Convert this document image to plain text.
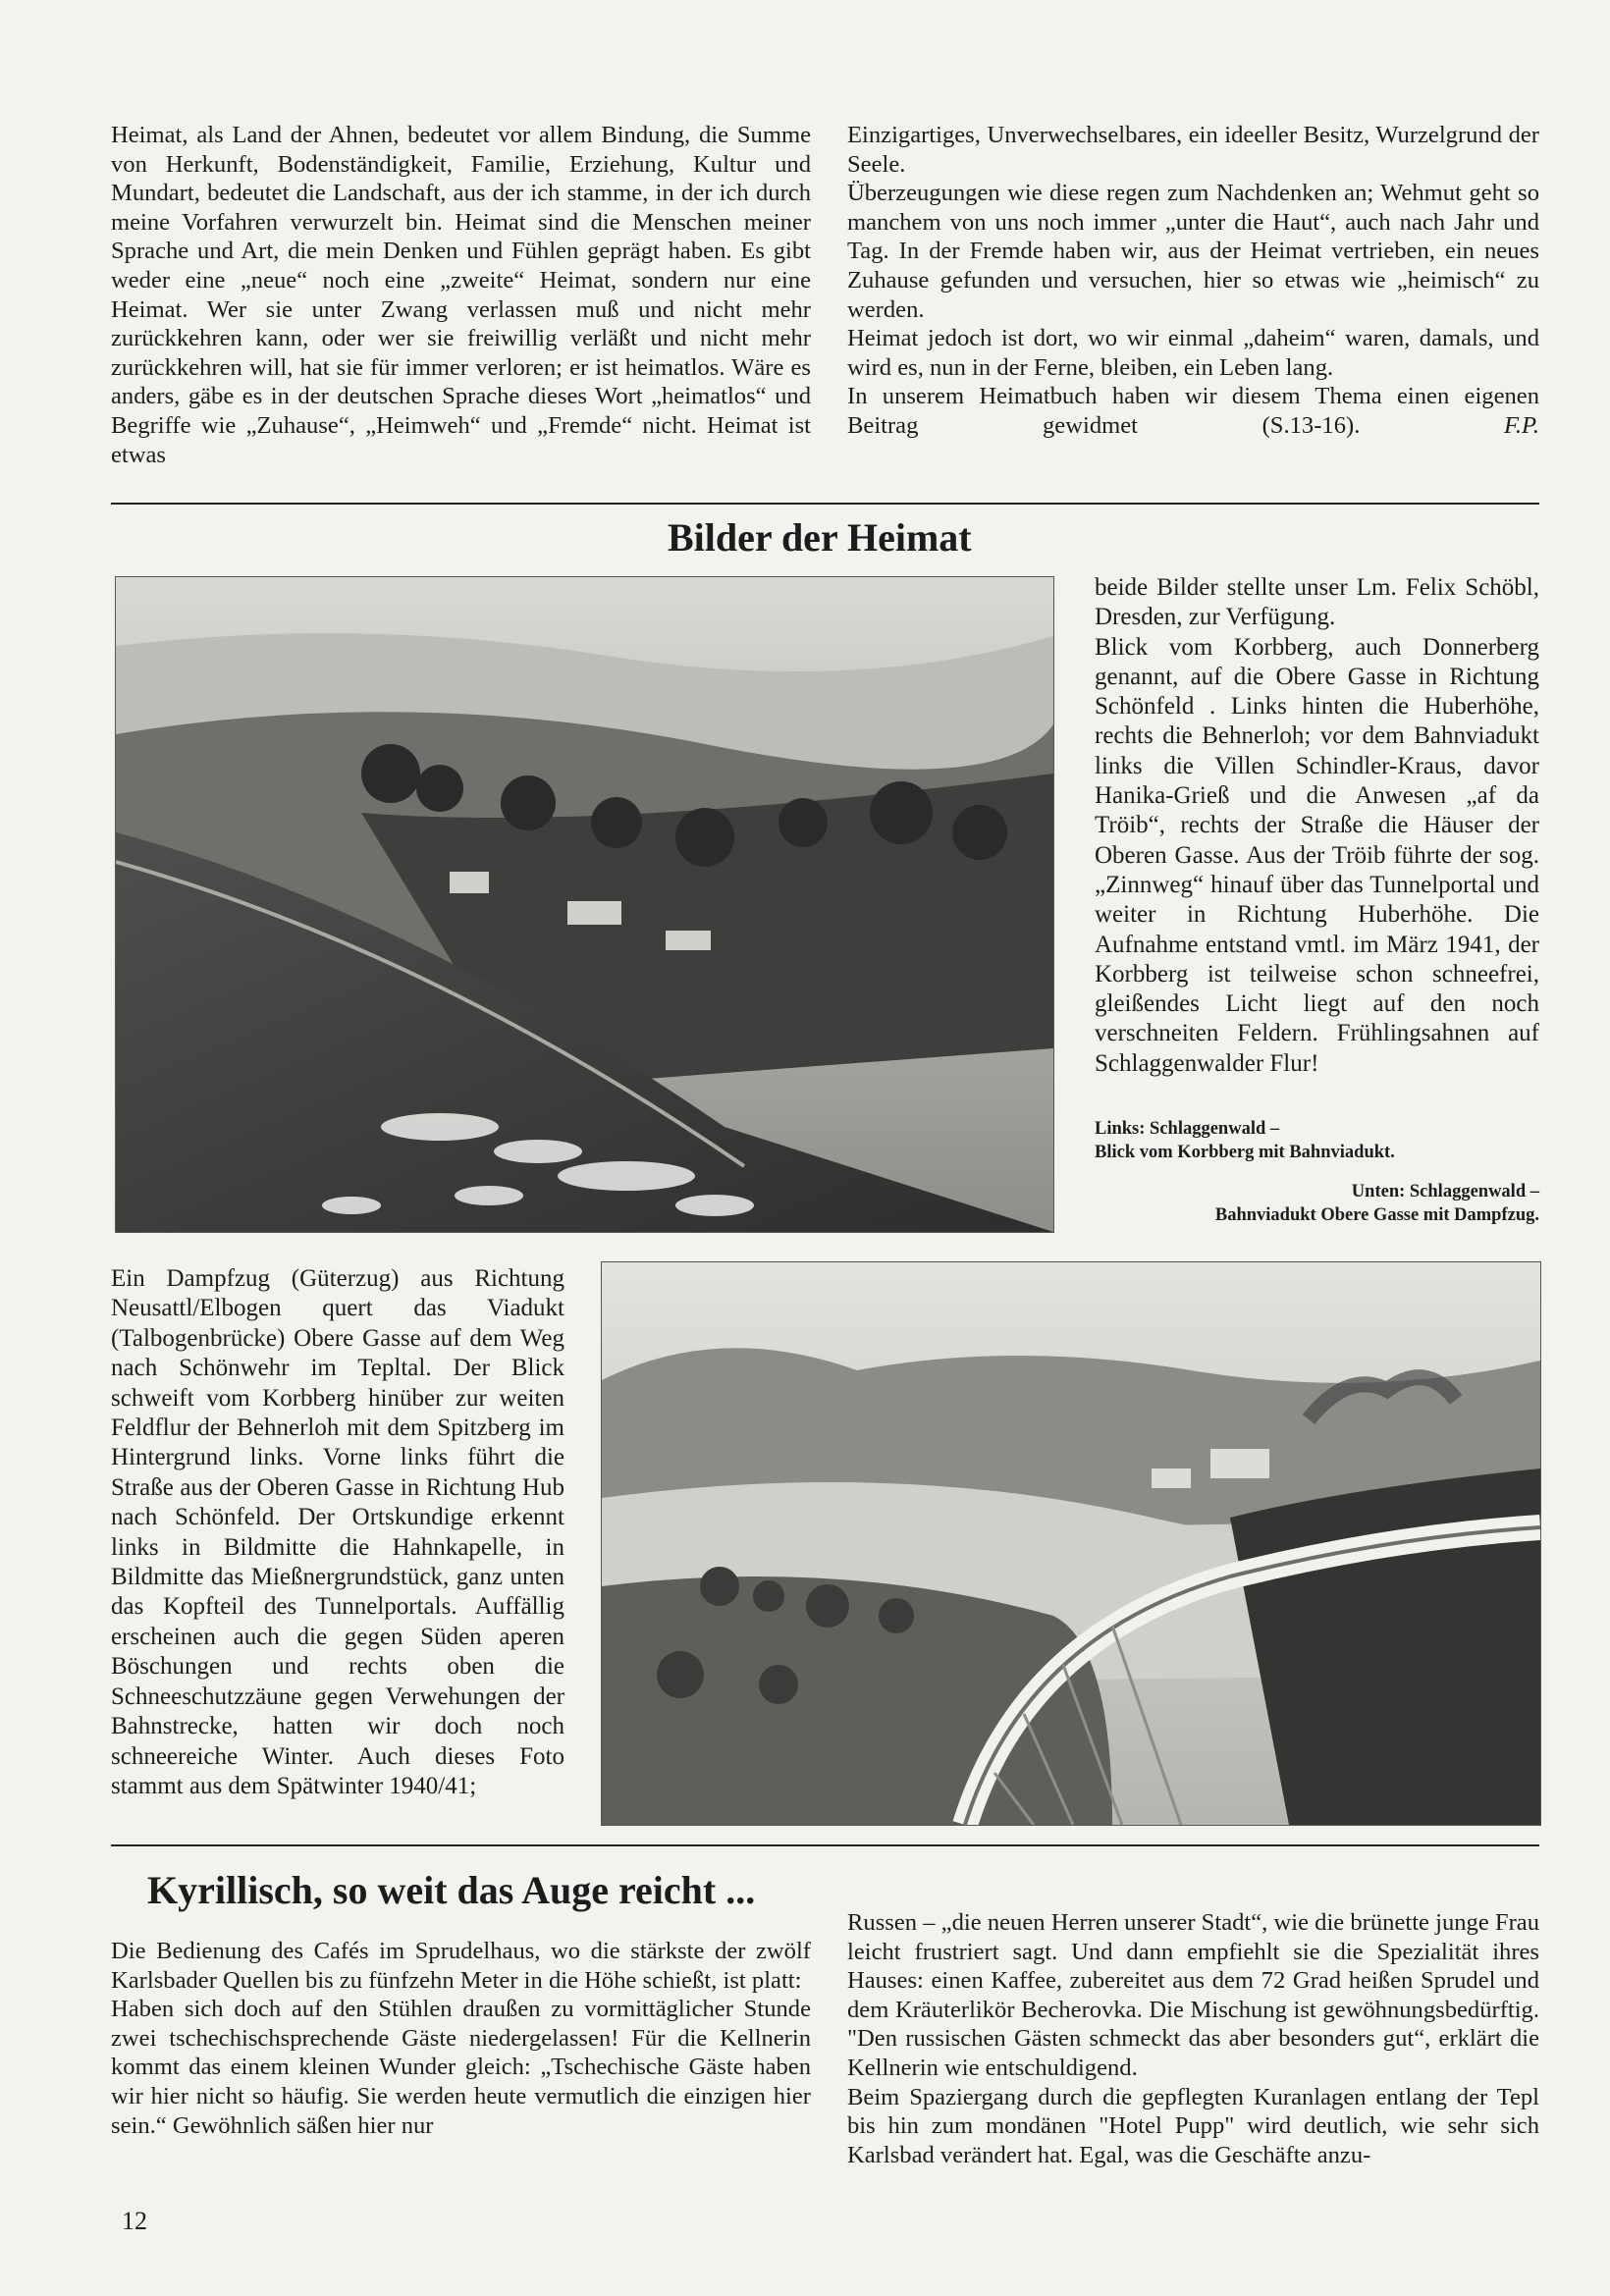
Heimat, als Land der Ahnen, bedeutet vor allem Bindung, die Summe von Herkunft, Bodenständigkeit, Familie, Erziehung, Kultur und Mundart, bedeutet die Landschaft, aus der ich stamme, in der ich durch meine Vorfahren verwurzelt bin. Heimat sind die Menschen meiner Sprache und Art, die mein Denken und Fühlen geprägt haben. Es gibt weder eine „neue“ noch eine „zweite“ Heimat, sondern nur eine Heimat. Wer sie unter Zwang verlassen muß und nicht mehr zurückkehren kann, oder wer sie freiwillig verläßt und nicht mehr zurückkehren will, hat sie für immer verloren; er ist heimatlos. Wäre es anders, gäbe es in der deutschen Sprache dieses Wort „heimatlos“ und Begriffe wie „Zuhause“, „Heimweh“ und „Fremde“ nicht. Heimat ist etwas

Einzigartiges, Unverwechselbares, ein ideeller Besitz, Wurzelgrund der Seele.

Überzeugungen wie diese regen zum Nachdenken an; Wehmut geht so manchem von uns noch immer „unter die Haut“, auch nach Jahr und Tag. In der Fremde haben wir, aus der Heimat vertrieben, ein neues Zuhause gefunden und versuchen, hier so etwas wie „heimisch“ zu werden.

Heimat jedoch ist dort, wo wir einmal „daheim“ waren, damals, und wird es, nun in der Ferne, bleiben, ein Leben lang.

In unserem Heimatbuch haben wir diesem Thema einen eigenen Beitrag gewidmet (S.13-16).	F.P.

Bilder der Heimat

beide Bilder stellte unser Lm. Felix Schöbl, Dresden, zur Verfügung.

Blick vom Korbberg, auch Donnerberg genannt, auf die Obere Gasse in Richtung Schönfeld . Links hinten die Huberhöhe, rechts die Behnerloh; vor dem Bahnviadukt links die Villen Schindler-Kraus, davor Hanika-Grieß und die Anwesen „af da Tröib“, rechts der Straße die Häuser der Oberen Gasse. Aus der Tröib führte der sog. „Zinnweg“ hinauf über das Tunnelportal und weiter in Richtung Huberhöhe. Die Aufnahme entstand vmtl. im März 1941, der Korbberg ist teilweise schon schneefrei, gleißendes Licht liegt auf den noch verschneiten Feldern. Frühlingsahnen auf Schlaggenwalder Flur!

Links: Schlaggenwald –
Blick vom Korbberg mit Bahnviadukt.
Unten: Schlaggenwald –
Bahnviadukt Obere Gasse mit Dampfzug.

Ein Dampfzug (Güterzug) aus Richtung Neusattl/Elbogen quert das Viadukt (Talbogenbrücke) Obere Gasse auf dem Weg nach Schönwehr im Tepltal. Der Blick schweift vom Korbberg hinüber zur weiten Feldflur der Behnerloh mit dem Spitzberg im Hintergrund links. Vorne links führt die Straße aus der Oberen Gasse in Richtung Hub nach Schönfeld. Der Ortskundige erkennt links in Bildmitte die Hahnkapelle, in Bildmitte das Mießnergrundstück, ganz unten das Kopfteil des Tunnelportals. Auffällig erscheinen auch die gegen Süden aperen Böschungen und rechts oben die Schneeschutzzäune gegen Verwehungen der Bahnstrecke, hatten wir doch noch schneereiche Winter. Auch dieses Foto stammt aus dem Spätwinter 1940/41;

Kyrillisch, so weit das Auge reicht ...

Die Bedienung des Cafés im Sprudelhaus, wo die stärkste der zwölf Karlsbader Quellen bis zu fünfzehn Meter in die Höhe schießt, ist platt:

Haben sich doch auf den Stühlen draußen zu vormittäglicher Stunde zwei tschechischsprechende Gäste niedergelassen! Für die Kellnerin kommt das einem kleinen Wunder gleich: „Tschechische Gäste haben wir hier nicht so häufig. Sie werden heute vermutlich die einzigen hier sein.“ Gewöhnlich säßen hier nur

Russen – „die neuen Herren unserer Stadt“, wie die brünette junge Frau leicht frustriert sagt. Und dann empfiehlt sie die Spezialität ihres Hauses: einen Kaffee, zubereitet aus dem 72 Grad heißen Sprudel und dem Kräuterlikör Becherovka. Die Mischung ist gewöhnungsbedürftig. "Den russischen Gästen schmeckt das aber besonders gut“, erklärt die Kellnerin wie entschuldigend.

Beim Spaziergang durch die gepflegten Kuranlagen entlang der Tepl bis hin zum mondänen "Hotel Pupp" wird deutlich, wie sehr sich Karlsbad verändert hat. Egal, was die Geschäfte anzu-

12
